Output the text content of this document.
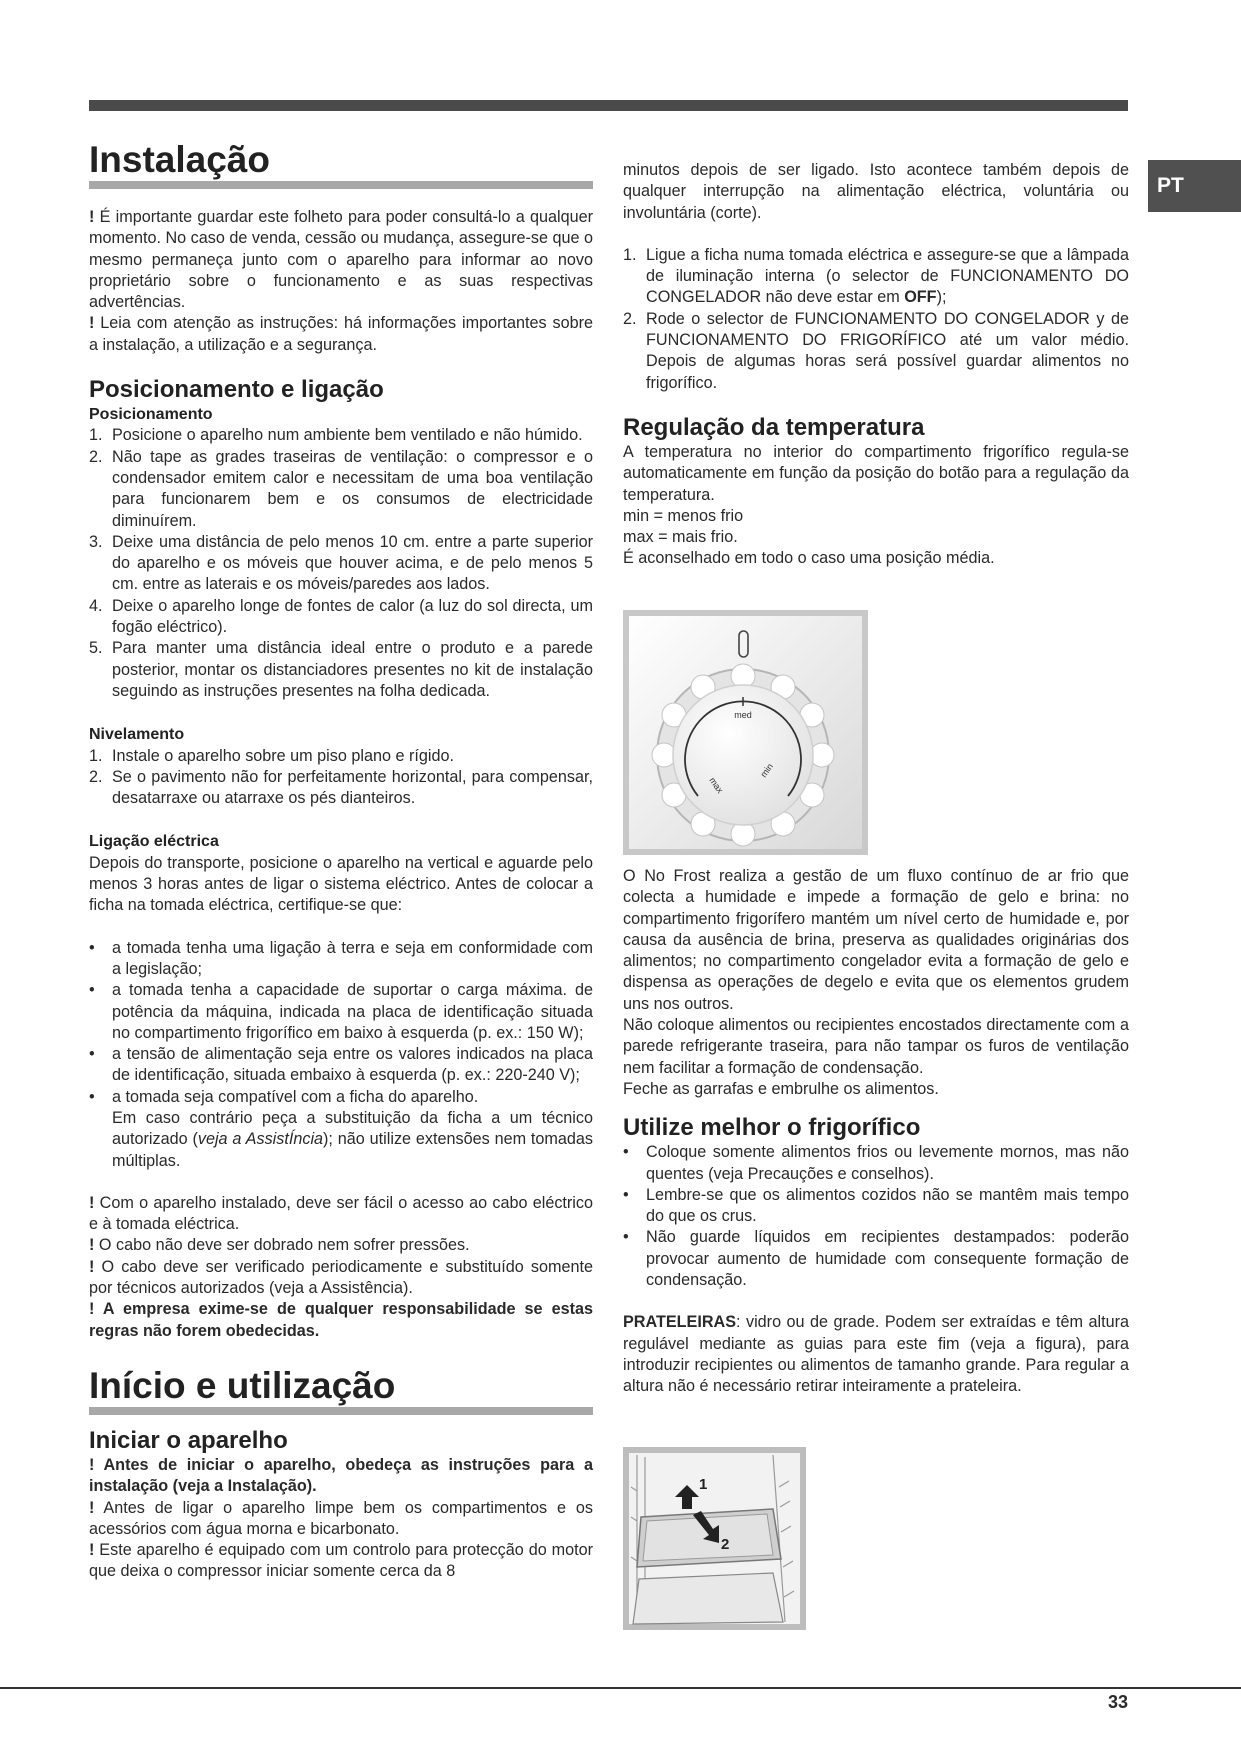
PT
Instalação

! É importante guardar este folheto para poder consultá-lo a qualquer momento. No caso de venda, cessão ou mudança, assegure-se que o mesmo permaneça junto com o aparelho para informar ao novo proprietário sobre o funcionamento e as suas respectivas advertências.

! Leia com atenção as instruções: há informações importantes sobre a instalação, a utilização e a segurança.

Posicionamento e ligação
Posicionamento
1. Posicione o aparelho num ambiente bem ventilado e não húmido.
2. Não tape as grades traseiras de ventilação: o compressor e o condensador emitem calor e necessitam de uma boa ventilação para funcionarem bem e os consumos de electricidade diminuírem.
3. Deixe uma distância de pelo menos 10 cm. entre a parte superior do aparelho e os móveis que houver acima, e de pelo menos 5 cm. entre as laterais e os móveis/paredes aos lados.
4. Deixe o aparelho longe de fontes de calor (a luz do sol directa, um fogão eléctrico).
5. Para manter uma distância ideal entre o produto e a parede posterior, montar os distanciadores presentes no kit de instalação seguindo as instruções presentes na folha dedicada.
Nivelamento
1. Instale o aparelho sobre um piso plano e rígido.
2. Se o pavimento não for perfeitamente horizontal, para compensar, desatarraxe ou atarraxe os pés dianteiros.
Ligação eléctrica

Depois do transporte, posicione o aparelho na vertical e aguarde pelo menos 3 horas antes de ligar o sistema eléctrico. Antes de colocar a ficha na tomada eléctrica, certifique-se que:

• a tomada tenha uma ligação à terra e seja em conformidade com a legislação;
• a tomada tenha a capacidade de suportar o carga máxima. de potência da máquina, indicada na placa de identificação situada no compartimento frigorífico em baixo à esquerda (p. ex.: 150 W);
• a tensão de alimentação seja entre os valores indicados na placa de identificação, situada embaixo à esquerda (p. ex.: 220-240 V);
• a tomada seja compatível com a ficha do aparelho.
Em caso contrário peça a substituição da ficha a um técnico autorizado (veja a AssistÍncia); não utilize extensões nem tomadas múltiplas.

! Com o aparelho instalado, deve ser fácil o acesso ao cabo eléctrico e à tomada eléctrica.

! O cabo não deve ser dobrado nem sofrer pressões.

! O cabo deve ser verificado periodicamente e substituído somente por técnicos autorizados (veja a Assistência).

! A empresa exime-se de qualquer responsabilidade se estas regras não forem obedecidas.

Início e utilização
Iniciar o aparelho

! Antes de iniciar o aparelho, obedeça as instruções para a instalação (veja a Instalação).

! Antes de ligar o aparelho limpe bem os compartimentos e os acessórios com água morna e bicarbonato.

! Este aparelho é equipado com um controlo para protecção do motor que deixa o compressor iniciar somente cerca da 8

minutos depois de ser ligado. Isto acontece também depois de qualquer interrupção na alimentação eléctrica, voluntária ou involuntária (corte).

1. Ligue a ficha numa tomada eléctrica e assegure-se que a lâmpada de iluminação interna (o selector de FUNCIONAMENTO DO CONGELADOR não deve estar em OFF);
2. Rode o selector de FUNCIONAMENTO DO CONGELADOR y de FUNCIONAMENTO DO FRIGORÍFICO até um valor médio. Depois de algumas horas será possível guardar alimentos no frigorífico.
Regulação da temperatura

A temperatura no interior do compartimento frigorífico regula-se automaticamente em função da posição do botão para a regulação da temperatura.

min = menos frio

max = mais frio.

É aconselhado em todo o caso uma posição média.

med
max
min

O No Frost realiza a gestão de um fluxo contínuo de ar frio que colecta a humidade e impede a formação de gelo e brina: no compartimento frigorífero mantém um nível certo de humidade e, por causa da ausência de brina, preserva as qualidades originárias dos alimentos; no compartimento congelador evita a formação de gelo e dispensa as operações de degelo e evita que os elementos grudem uns nos outros.

Não coloque alimentos ou recipientes encostados directamente com a parede refrigerante traseira, para não tampar os furos de ventilação nem facilitar a formação de condensação.

Feche as garrafas e embrulhe os alimentos.

Utilize melhor o frigorífico
• Coloque somente alimentos frios ou levemente mornos, mas não quentes (veja Precauções e conselhos).
• Lembre-se que os alimentos cozidos não se mantêm mais tempo do que os crus.
• Não guarde líquidos em recipientes destampados: poderão provocar aumento de humidade com consequente formação de condensação.

PRATELEIRAS: vidro ou de grade. Podem ser extraídas e têm altura regulável mediante as guias para este fim (veja a figura), para introduzir recipientes ou alimentos de tamanho grande. Para regular a altura não é necessário retirar inteiramente a prateleira.

1
2
33
